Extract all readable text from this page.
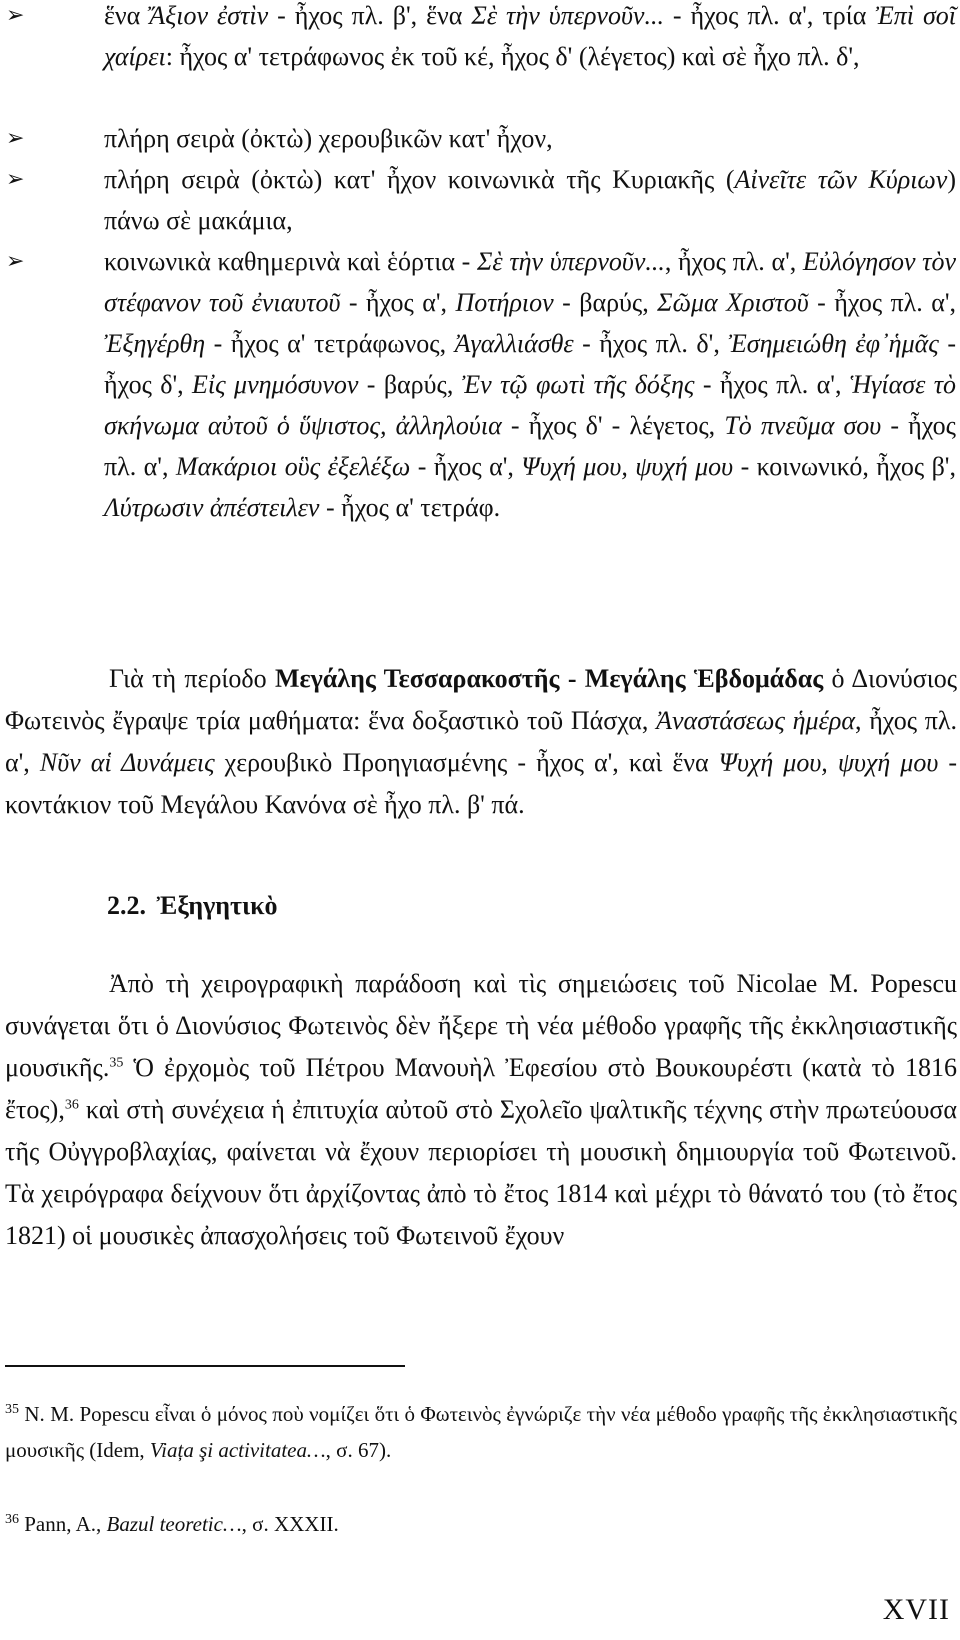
➢	ἕνα Ἄξιον ἐστὶν - ἦχος πλ. β', ἕνα Σὲ τὴν ὑπερνοῦν... - ἦχος πλ. α', τρία Ἐπὶ σοῖ χαίρει: ἦχος α' τετράφωνος ἐκ τοῦ κέ, ἦχος δ' (λέγετος) καὶ σὲ ἦχο πλ. δ',
➢	πλήρη σειρὰ (ὀκτὼ) χερουβικῶν κατ' ἦχον,
➢	πλήρη σειρὰ (ὀκτὼ) κατ' ἦχον κοινωνικὰ τῆς Κυριακῆς (Αἰνεῖτε τῶν Κύριων) πάνω σὲ μακάμια,
➢	κοινωνικὰ καθημερινὰ καὶ ἑόρτια - Σὲ τὴν ὑπερνοῦν..., ἦχος πλ. α', Εὐλόγησον τὸν στέφανον τοῦ ἐνιαυτοῦ - ἦχος α', Ποτήριον - βαρύς, Σῶμα Χριστοῦ - ἦχος πλ. α', Ἐξηγέρθη - ἦχος α' τετράφωνος, Ἀγαλλιάσθε - ἦχος πλ. δ', Ἐσημειώθη ἐφ᾽ἡμᾶς - ἦχος δ', Εἰς μνημόσυνον - βαρύς, Ἐν τῷ φωτὶ τῆς δόξης - ἦχος πλ. α', Ἡγίασε τὸ σκήνωμα αὐτοῦ ὁ ὕψιστος, ἀλληλούια - ἦχος δ' - λέγετος, Τὸ πνεῦμα σου - ἦχος πλ. α', Μακάριοι οὓς ἐξελέξω - ἦχος α', Ψυχή μου, ψυχή μου - κοινωνικό, ἦχος β', Λύτρωσιν ἀπέστειλεν - ἦχος α' τετράφ.

Γιὰ τὴ περίοδο Μεγάλης Τεσσαρακοστῆς - Μεγάλης Ἑβδομάδας ὁ Διονύσιος Φωτεινὸς ἔγραψε τρία μαθήματα: ἕνα δοξαστικὸ τοῦ Πάσχα, Ἀναστάσεως ἡμέρα, ἦχος πλ. α', Νῦν αἱ Δυνάμεις χερουβικὸ Προηγιασμένης - ἦχος α', καὶ ἕνα Ψυχή μου, ψυχή μου - κοντάκιον τοῦ Μεγάλου Κανόνα σὲ ἦχο πλ. β' πά.

2.2. Ἐξηγητικὸ

Ἀπὸ τὴ χειρογραφικὴ παράδοση καὶ τὶς σημειώσεις τοῦ Nicolae M. Popescu συνάγεται ὅτι ὁ Διονύσιος Φωτεινὸς δὲν ἤξερε τὴ νέα μέθοδο γραφῆς τῆς ἐκκλησιαστικῆς μουσικῆς.$^{35}$ Ὁ ἐρχομὸς τοῦ Πέτρου Μανουὴλ Ἐφεσίου στὸ Βουκουρέστι (κατὰ τὸ 1816 ἔτος),$^{36}$ καὶ στὴ συνέχεια ἡ ἐπιτυχία αὐτοῦ στὸ Σχολεῖο ψαλτικῆς τέχνης στὴν πρωτεύουσα τῆς Οὐγγροβλαχίας, φαίνεται νὰ ἔχουν περιορίσει τὴ μουσικὴ δημιουργία τοῦ Φωτεινοῦ. Τὰ χειρόγραφα δείχνουν ὅτι ἀρχίζοντας ἀπὸ τὸ ἔτος 1814 καὶ μέχρι τὸ θάνατό του (τὸ ἔτος 1821) οἱ μουσικὲς ἀπασχολήσεις τοῦ Φωτεινοῦ ἔχουν

$^{35}$ N. M. Popescu εἶναι ὁ μόνος ποὺ νομίζει ὅτι ὁ Φωτεινὸς ἐγνώριζε τὴν νέα μέθοδο γραφῆς τῆς ἐκκλησιαστικῆς μουσικῆς (Idem, Viața şi activitatea…, σ. 67).

$^{36}$ Pann, A., Bazul teoretic…, σ. XXXII.

XVII
